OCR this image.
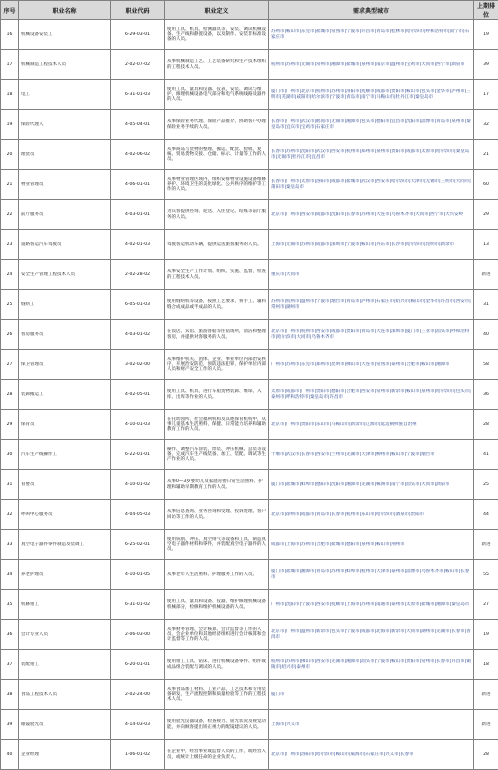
序号	职业名称	职业代码	职业定义	需求典型城市	上期排位

16	机械设备安装工	6-29-03-01	使用工具、机具、检测器具等，安装、调试机械设备、生产线和静置设备，以及制作、安装非标准设备的人员。	苏州市|鞍山市|东莞市|盐城市|常熟市|宁波市|许昌市|青岛市|桂林市|哈尔滨市|呼和浩特市|南宁市|石家庄市	19

17	机械制造工程技术人员	2-02-07-02	从事机械制造工艺、工艺装备研究和生产技术组织的工程技术人员。	杭州市|苏州市|无锡市|常州市|湘潭市|盐城市|泉州市|南京市|温州市|宝鸡市|大同市|西宁市|酒泉市	39

18	电工	6-31-01-03	使用工具、量具和仪器、仪表，安装、调试与维护、修理机械设备电气部分和电气系统线路及器件的人员。	厦门市|广州市|北京市|杭州市|苏州市|洛阳市|抚顺市|成都市|贵阳市|鞍山市|包头市|金华市|泸州市|三明市|芜湖市|咸阳市|哈尔滨市|宁波市|青岛市|南宁市|马鞍山市|牡丹江市|秦皇岛市	17

19	保险代理人	4-05-04-01	从事保险业务代理、保险产品推介、协助客户办理保险业务手续的人员。	长春市|广州市|武汉市|鹤岗市|无锡市|湘潭市|包头市|德阳市|宜昌市|沈阳市|淄博市|青岛市|泉州市|秦皇岛市|宜宾市|宝鸡市|石家庄市	32

20	理货员	4-02-06-02	从事商品与货物的整理、搬运、配货、验收、复核、贸易货物交接、仓储、标示、计量等工作的人员。	长春市|苏州市|沈阳市|武汉市|西安市|杭州市|郑州市|泉州市|贵阳市|成都市|太原市|哈尔滨市|秦皇岛市|无锡市|牡丹江市|宜昌市	21

21	物业管理员	4-06-01-01	从事物业管理区域内，组织安排物业设施设备维修养护、环境卫生的美化绿化、公共秩序的维护等工作的人员。	长春市|广州市|太原市|洛阳市|成都市|盐城市|武汉市|西安市|哈尔滨市|天津市|无锡市|三明市|大同市|莆田市|秦皇岛市	60

22	前厅服务员	4-03-01-01	为宾客提供咨询、迎送、入住登记、结账等前厅服务的人员。	北京市|广州市|西安市|成都市|沈阳市|长春市|苏州市|大连市|乌鲁木齐市|大同市|西宁市|大兴安岭	29

23	道路客运汽车驾驶员	4-02-01-03	驾驶客运机动车辆，提供运送旅客服务的人员。	上海市|无锡市|苏州市|成都市|深圳市|宁波市|鞍山市|丹东市|长沙市|哈尔滨市|昆明市|新余市	13

24	安全生产管理工程技术人员	2-02-28-02	从事安全生产工作计划、组织、实施、监督，检查的工程技术人员。	重庆市|大同市	新进

25	缝纫工	6-05-01-03	使用缝纫机等设备，按照工艺要求，将手工、辅料缝合成成品或半成品的人员。	苏州市|杭州市|温州市|宁波市|烟台市|青岛市|泸州市|石家庄市|绍兴市|鞍山市|金华市|许昌市|西安市|常州市|湖州市	31

26	客房服务员	4-03-01-02	在饭店、宾馆、旅游客船等住宿场所，清洁和整理客房，并提供对客服务的人员。	北京市|广州市|杭州市|西安市|成都市|贵阳市|青岛市|大连市|深圳市|厦门市|三亚市|汕头市|呼和浩特市|哈尔滨市|大同市|乌鲁木齐市	40

27	保卫管理员	3-02-02-00	从事维护机关、团体、企业、事业单位内部治安秩序，开展治安防范，预防违法犯罪，保护单位内部人员和财产安全工作的人员。	广州市|苏州市|东莞市|郑州市|昆明市|佛山市|大连市|常熟市|泰州市|合肥市|鞍山市|湘潭市	58

28	装卸搬运工	4-02-05-01	使用工具、机具，进行车船货物装卸、堆垛、入库、出库等作业的人员。	太原市|成都市|广州市|贵阳市|德阳市|合肥市|西安市|常州市|新余市|鞍山市|泉州市|哈尔滨市|包头市|泰州市|呼和浩特市|秦皇岛市|许昌市	36

29	保育员	4-10-01-03	在托幼园所、社会福利机构及其他保育机构中，从事儿童基本生活照料，保健、日常能力培养和辅助教育工作的人员。	北京市|广州市|贵阳市|乐山市|马鞍山市|新余市|辽源市|延边朝鲜族自治州	28

30	汽车生产线操作工	6-22-01-01	操作、调整汽车涂装、焊装、冲压机械、总装等设备，完成汽车生产线装备、加工、装配、调试等生产作业的人员。	十堰市|武汉市|长春市|西安市|兰州市|芜湖市|天津市|柳州市|鞍山市|宁波市|烟台市	41

31	育婴员	4-10-01-02	从事0—3岁婴幼儿及家庭育婴日常生活照料、护理和辅助早期教育工作的人员。	厦门市|盐城市|蚌埠市|德阳市|沈阳市|湘潭市|芜湖市|株洲市|南宁市|汕头市|大同市|酒泉市	25

32	呼叫中心服务员	4-04-05-03	从事信息查询、业务咨询和受理、投诉处理、客户回访等工作的人员。	北京市|徐州市|成都市|青岛市|长春市|杭州市|乐山市|哈尔滨市|酒泉市|贵阳市	44

33	真空电子器件零件制造及装调工	6-25-02-01	使用铣削、冲压、真空排气等设备和工具，制造真空电子器件材料和零件，并装配真空电子器件的人员。	成都市|上海市|苏州市|合肥市|盐城市|德阳市|泉州市|鞍山市|荆州市	新进

34	养老护理员	4-10-01-05	从事老年人生活照料、护理服务工作的人员。	厦门市|盐城市|湘潭市|青岛市|苏州市|蚌埠市|杭州市|天津市|泰州市|淄博市|乌鲁木齐市|鞍山市|长春市	55

35	机修钳工	6-31-01-02	使用工具、量具和设备、仪器，维护修理机械设备机械部分，检修和维护机械设备的人员。	广州市|沈阳市|宁波市|西安市|抚顺市|上海市|苏州市|南通市|泰州市|太原市|盐城市|湘潭市|秦皇岛市	27

36	会计专业人员	2-06-03-00	从事财务管理、会计核算、会计监督等工作的人员，会企业单位和其他经济组织进行会计核算和会计监督等工作的人员。	北京市|广州市|温州市|新余市|包头市|宁波市|成都市|北海市|新余市|大同市|湖州市|芜湖市|长春市|普洱市	19

37	装配钳工	6-20-01-01	使用钳工工具、钻床，进行机械设备零件、组件或成品组合装配与调试的人员。	杭州市|苏州市|佛山市|西安市|芜湖市|湘潭市|汕头市|宁波市|鞍山市|贵阳市|常州市|长春市|许昌市|铜陵市|绍兴市|泰州市	18

38	食品工程技术人员	2-02-24-00	从事食品加工材料、工业产品、工艺技术和专用装备研发，生产流程控制和质量检验等工作的工程技术人员。	厦门市	新进

39	眼镜验光员	4-14-03-03	使用验光仪器设备，检查视力、屈光状况及视觉功能，并向顾客提出矫正视力的配镜建议的人员。	上海市|兴义市	新进

40	企业经理	1-06-01-02	在企业中，经营事业或监督人员的工作，或经营人员，或统计上级任命的企业负责人。	北京市|广州市|洛阳市|哈尔滨市|鞍山市|威海市|石家庄市|兴义市|长春市	28
